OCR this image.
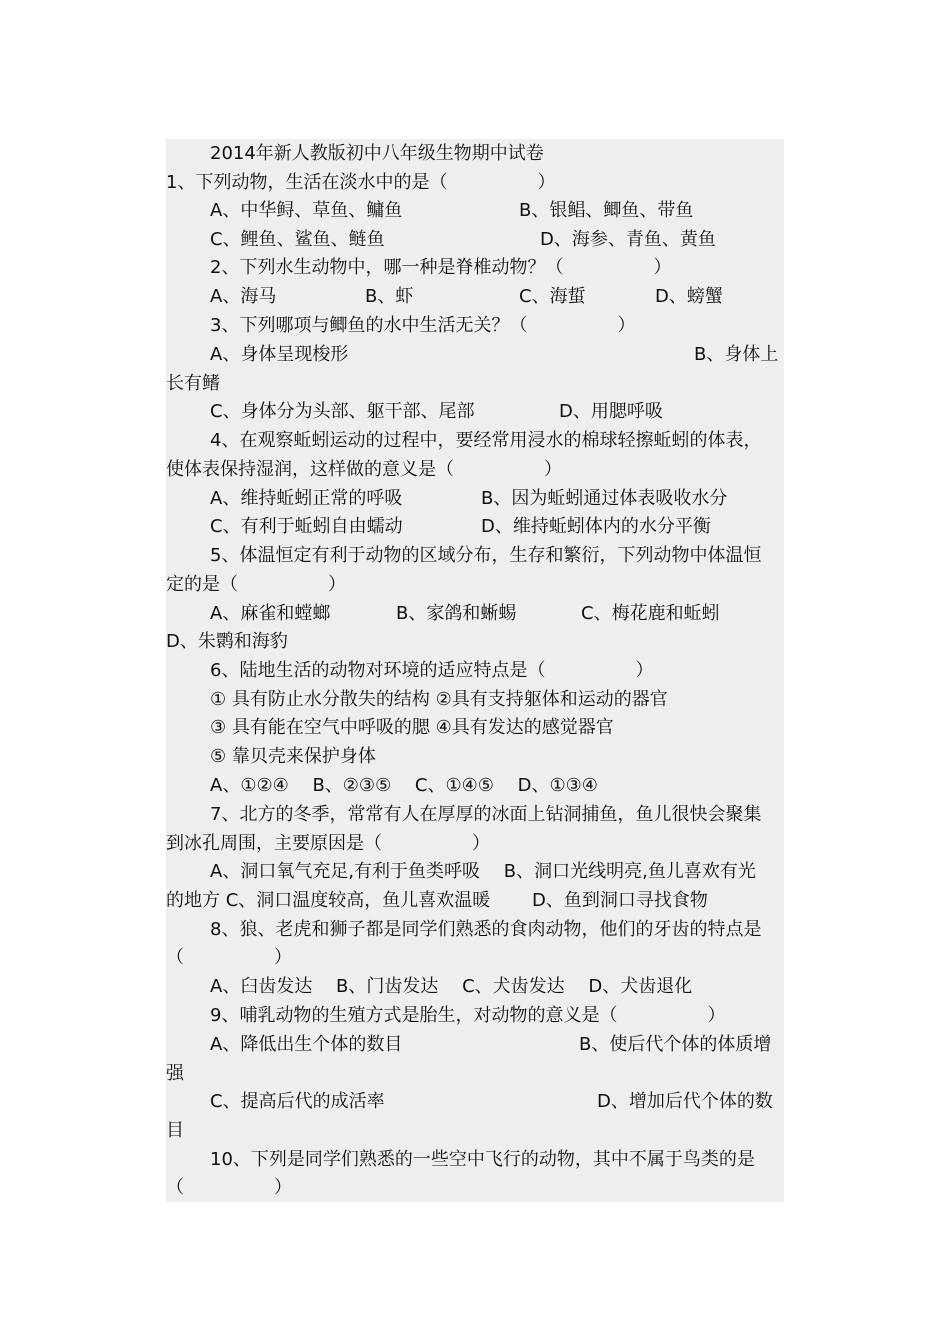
2014年新人教版初中八年级生物期中试卷
1、下列动物，生活在淡水中的是（　　　　　）
A、中华鲟、草鱼、鳙鱼	B、银鲳、鲫鱼、带鱼
C、鲤鱼、鲨鱼、鲢鱼	D、海参、青鱼、黄鱼
2、下列水生动物中，哪一种是脊椎动物？（　　　　　）
A、海马	B、虾	C、海蜇	D、螃蟹
3、下列哪项与鲫鱼的水中生活无关？（　　　　　）
A、身体呈现梭形	B、身体上
长有鳍
C、身体分为头部、躯干部、尾部	D、用腮呼吸
4、在观察蚯蚓运动的过程中，要经常用浸水的棉球轻擦蚯蚓的体表，
使体表保持湿润，这样做的意义是（　　　　　）
A、维持蚯蚓正常的呼吸	B、因为蚯蚓通过体表吸收水分
C、有利于蚯蚓自由蠕动	D、维持蚯蚓体内的水分平衡
5、体温恒定有利于动物的区域分布，生存和繁衍，下列动物中体温恒
定的是（　　　　　）
A、麻雀和螳螂	B、家鸽和蜥蜴	C、梅花鹿和蚯蚓
D、朱鹮和海豹
6、陆地生活的动物对环境的适应特点是（　　　　　）
① 具有防止水分散失的结构 ②具有支持躯体和运动的器官
③ 具有能在空气中呼吸的腮 ④具有发达的感觉器官
⑤ 靠贝壳来保护身体
A、①②④　 B、②③⑤　 C、①④⑤　 D、①③④
7、北方的冬季，常常有人在厚厚的冰面上钻洞捕鱼，鱼儿很快会聚集
到冰孔周围，主要原因是（　　　　　）
A、洞口氧气充足,有利于鱼类呼吸　 B、洞口光线明亮,鱼儿喜欢有光
的地方 C、洞口温度较高，鱼儿喜欢温暖　　 D、鱼到洞口寻找食物
8、狼、老虎和狮子都是同学们熟悉的食肉动物，他们的牙齿的特点是
（　　　　　）
A、臼齿发达　 B、门齿发达　 C、犬齿发达　 D、犬齿退化
9、哺乳动物的生殖方式是胎生，对动物的意义是（　　　　　）
A、降低出生个体的数目	B、使后代个体的体质增
强
C、提高后代的成活率	D、增加后代个体的数
目
10、下列是同学们熟悉的一些空中飞行的动物，其中不属于鸟类的是
（　　　　　）
